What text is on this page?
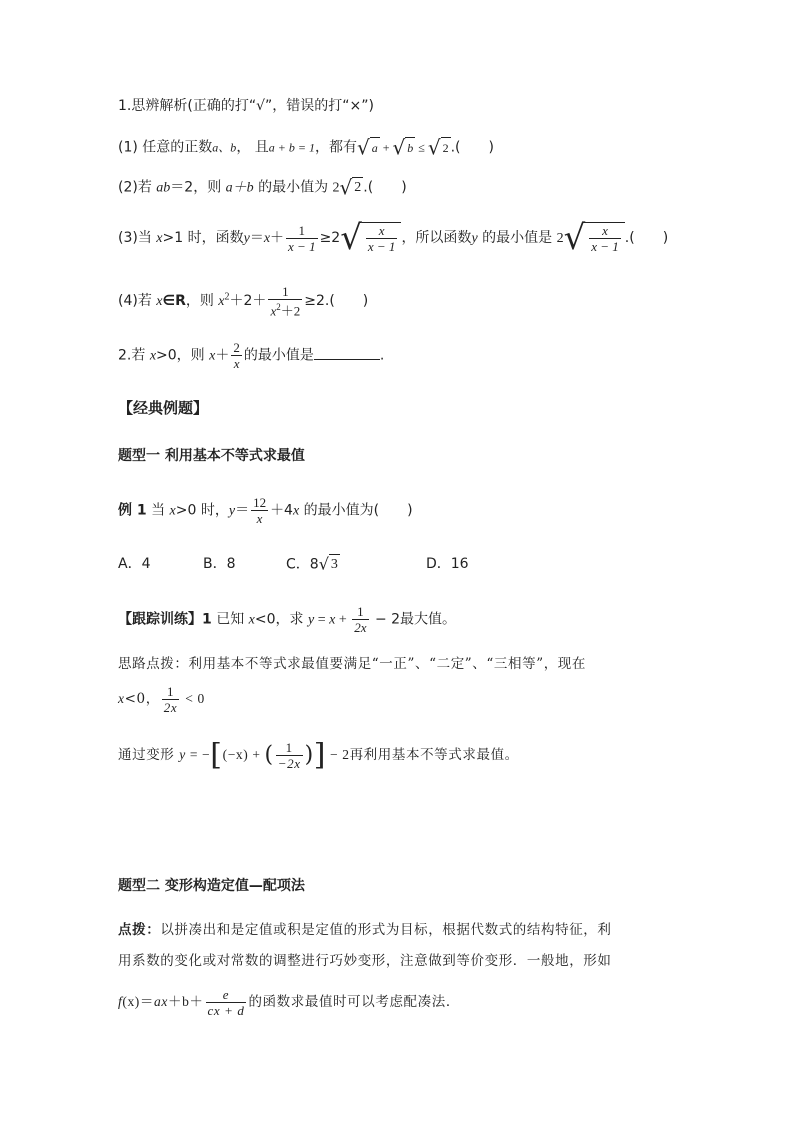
1.思辨解析(正确的打“√”，错误的打“×”)
(1) 任意的正数a、b， 且a + b = 1，都有√ a + √ b ≤ √ 2 .(　　)
(2)若 ab＝2，则 a＋b 的最小值为 2√ 2 .(　　)
(3)当 x>1 时，函数$y=x+ \frac{1}{x - 1} \ge 2√ \frac{x}{x - 1}$ ，所以函数y 的最小值是 $2√ \frac{x}{x - 1}$ .(　　)
(4)若 x∈R，则 $x^2+2+ \frac{1}{x^2+2} \ge 2$.(　　)
2.若 x>0，则 $x+ \frac{2}{x}$ 的最小值是	.
【经典例题】
题型一 利用基本不等式求最值
例 1 当 x>0 时，$y= \frac{12}{x} +4x$ 的最小值为(　　)
A．4	B．8	C．8√ 3	D．16
【跟踪训练】1 已知 x<0，求 $y = x + \frac{1}{2x} - 2$最大值。
思路点拨：利用基本不等式求最值要满足“一正”、“二定”、“三相等”，现在
x<0， $\frac{1}{2x} < 0$
通过变形 y = −[(−x) + ( $\frac{1}{-2x}$ )] − 2再利用基本不等式求最值。
题型二 变形构造定值—配项法
点拨：以拼凑出和是定值或积是定值的形式为目标，根据代数式的结构特征，利
用系数的变化或对常数的调整进行巧妙变形，注意做到等价变形．一般地，形如
$f(x)=ax+b+ \frac{e}{cx + d}$ 的函数求最值时可以考虑配凑法．
